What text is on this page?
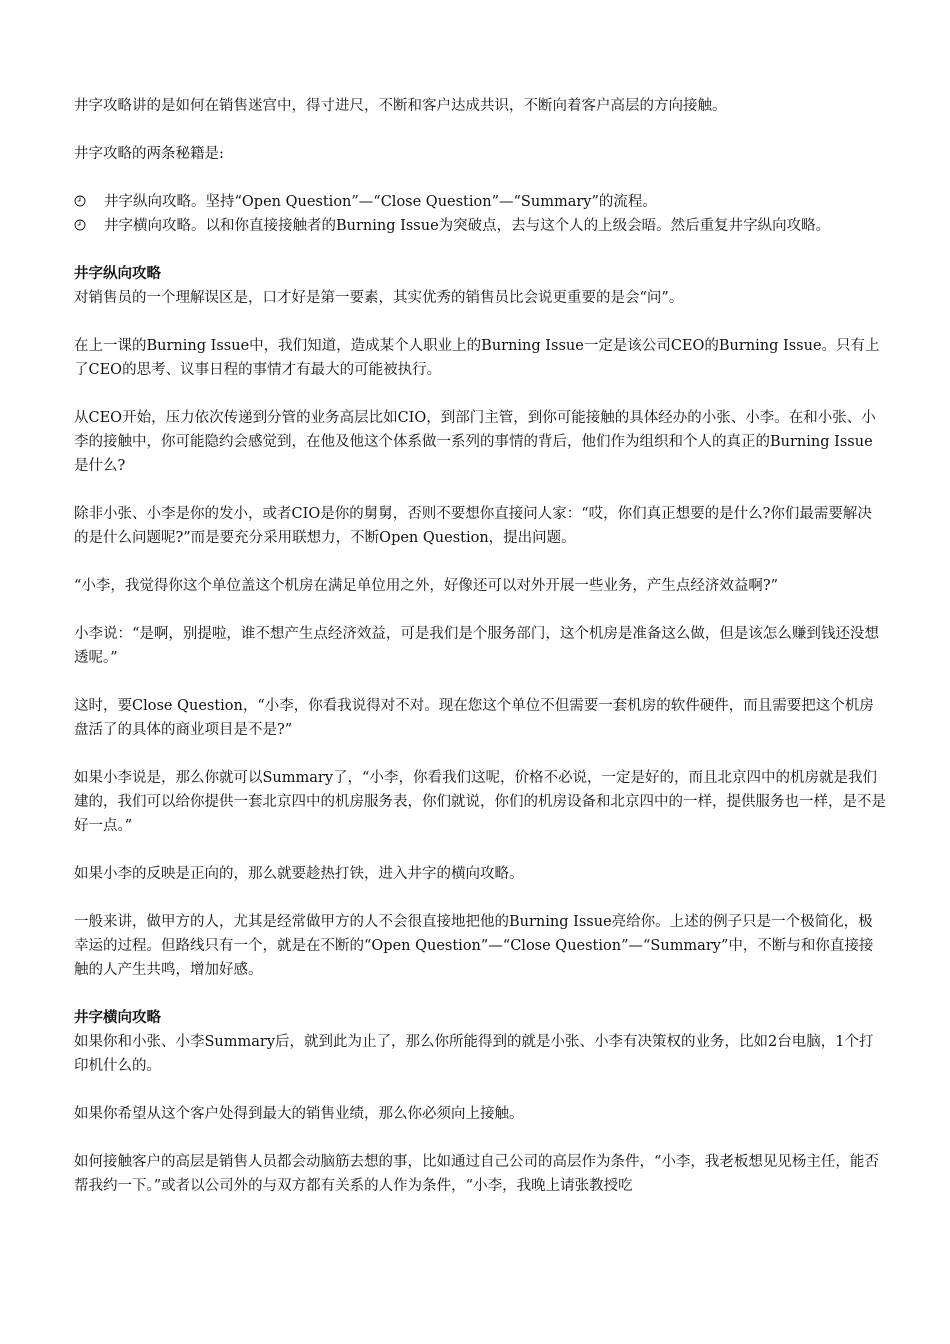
井字攻略讲的是如何在销售迷宫中，得寸进尺，不断和客户达成共识，不断向着客户高层的方向接触。

井字攻略的两条秘籍是:

井字纵向攻略。坚持“Open Question”—“Close Question”—“Summary”的流程。
井字横向攻略。以和你直接接触者的Burning Issue为突破点，去与这个人的上级会晤。然后重复井字纵向攻略。

井字纵向攻略

对销售员的一个理解误区是，口才好是第一要素，其实优秀的销售员比会说更重要的是会“问”。

在上一课的Burning Issue中，我们知道，造成某个人职业上的Burning Issue一定是该公司CEO的Burning Issue。只有上了CEO的思考、议事日程的事情才有最大的可能被执行。

从CEO开始，压力依次传递到分管的业务高层比如CIO，到部门主管，到你可能接触的具体经办的小张、小李。在和小张、小李的接触中，你可能隐约会感觉到，在他及他这个体系做一系列的事情的背后，他们作为组织和个人的真正的Burning Issue是什么?

除非小张、小李是你的发小，或者CIO是你的舅舅，否则不要想你直接问人家：“哎，你们真正想要的是什么?你们最需要解决的是什么问题呢?”而是要充分采用联想力，不断Open Question，提出问题。

“小李，我觉得你这个单位盖这个机房在满足单位用之外，好像还可以对外开展一些业务，产生点经济效益啊?”

小李说：“是啊，别提啦，谁不想产生点经济效益，可是我们是个服务部门，这个机房是准备这么做，但是该怎么赚到钱还没想透呢。”

这时，要Close Question，“小李，你看我说得对不对。现在您这个单位不但需要一套机房的软件硬件，而且需要把这个机房盘活了的具体的商业项目是不是?”

如果小李说是，那么你就可以Summary了，“小李，你看我们这呢，价格不必说，一定是好的，而且北京四中的机房就是我们建的，我们可以给你提供一套北京四中的机房服务表，你们就说，你们的机房设备和北京四中的一样，提供服务也一样，是不是好一点。”

如果小李的反映是正向的，那么就要趁热打铁，进入井字的横向攻略。

一般来讲，做甲方的人，尤其是经常做甲方的人不会很直接地把他的Burning Issue亮给你。上述的例子只是一个极简化，极幸运的过程。但路线只有一个，就是在不断的“Open Question”—“Close Question”—“Summary”中，不断与和你直接接触的人产生共鸣，增加好感。

井字横向攻略

如果你和小张、小李Summary后，就到此为止了，那么你所能得到的就是小张、小李有决策权的业务，比如2台电脑，1个打印机什么的。

如果你希望从这个客户处得到最大的销售业绩，那么你必须向上接触。

如何接触客户的高层是销售人员都会动脑筋去想的事，比如通过自己公司的高层作为条件，“小李，我老板想见见杨主任，能否帮我约一下。”或者以公司外的与双方都有关系的人作为条件，“小李，我晚上请张教授吃
